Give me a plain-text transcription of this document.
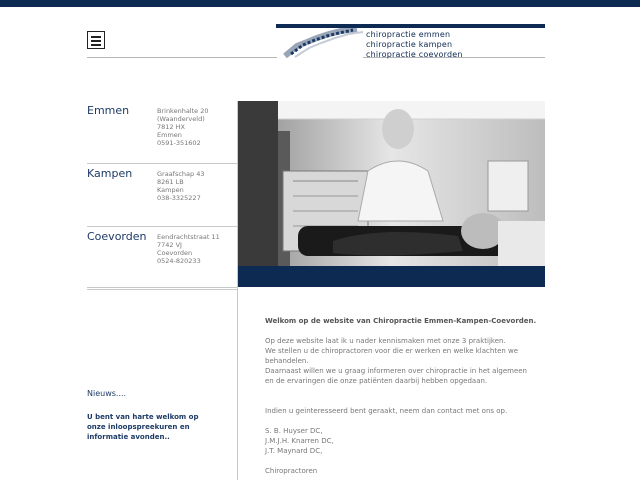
chiropractie emmen
chiropractie kampen
chiropractie coevorden
Emmen	Brinkenhalte 20
(Waanderveld)
7812 HX
Emmen
0591-351602
Kampen	Graafschap 43
8261 LB
Kampen
038-3325227
Coevorden Eendrachtstraat 11
7742 VJ
Coevorden
0524-820233
Nieuws....
U bent van harte welkom op onze inloopspreekuren en informatie avonden..

Welkom op de website van Chiropractie Emmen-Kampen-Coevorden.

Op deze website laat ik u nader kennismaken met onze 3 praktijken.

We stellen u de chiropractoren voor die er werken en welke klachten we

behandelen.

Daarnaast willen we u graag informeren over chiropractie in het algemeen

en de ervaringen die onze patiënten daarbij hebben opgedaan.

Indien u geinteresseerd bent geraakt, neem dan contact met ons op.

S. B. Huyser DC,

J.M.J.H. Knarren DC,

J.T. Maynard DC,

Chiropractoren
